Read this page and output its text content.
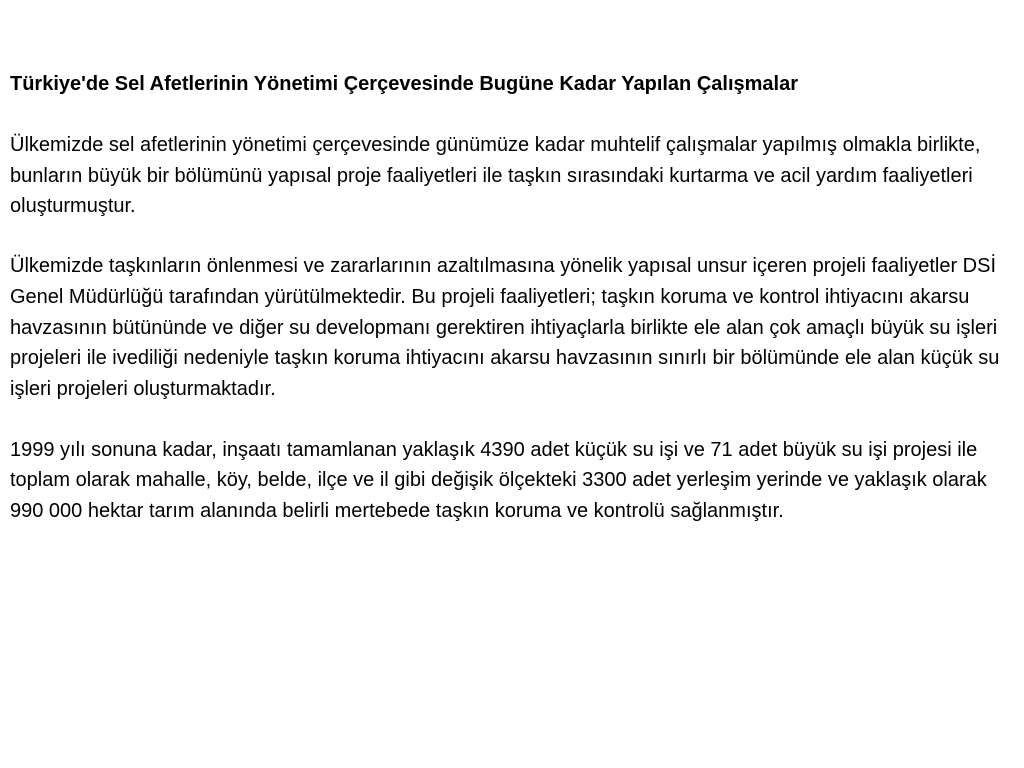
Türkiye'de Sel Afetlerinin Yönetimi Çerçevesinde Bugüne Kadar Yapılan Çalışmalar

Ülkemizde sel afetlerinin yönetimi çerçevesinde günümüze kadar muhtelif çalışmalar yapılmış olmakla birlikte, bunların büyük bir bölümünü yapısal proje faaliyetleri ile taşkın sırasındaki kurtarma ve acil yardım faaliyetleri oluşturmuştur.

Ülkemizde taşkınların önlenmesi ve zararlarının azaltılmasına yönelik yapısal unsur içeren projeli faaliyetler DSİ Genel Müdürlüğü tarafından yürütülmektedir. Bu projeli faaliyetleri; taşkın koruma ve kontrol ihtiyacını akarsu havzasının bütününde ve diğer su developmanı gerektiren ihtiyaçlarla birlikte ele alan çok amaçlı büyük su işleri projeleri ile ivediliği nedeniyle taşkın koruma ihtiyacını akarsu havzasının sınırlı bir bölümünde ele alan küçük su işleri projeleri oluşturmaktadır.

1999 yılı sonuna kadar, inşaatı tamamlanan yaklaşık 4390 adet küçük su işi ve 71 adet büyük su işi projesi ile toplam olarak mahalle, köy, belde, ilçe ve il gibi değişik ölçekteki 3300 adet yerleşim yerinde ve yaklaşık olarak 990 000 hektar tarım alanında belirli mertebede taşkın koruma ve kontrolü sağlanmıştır.
